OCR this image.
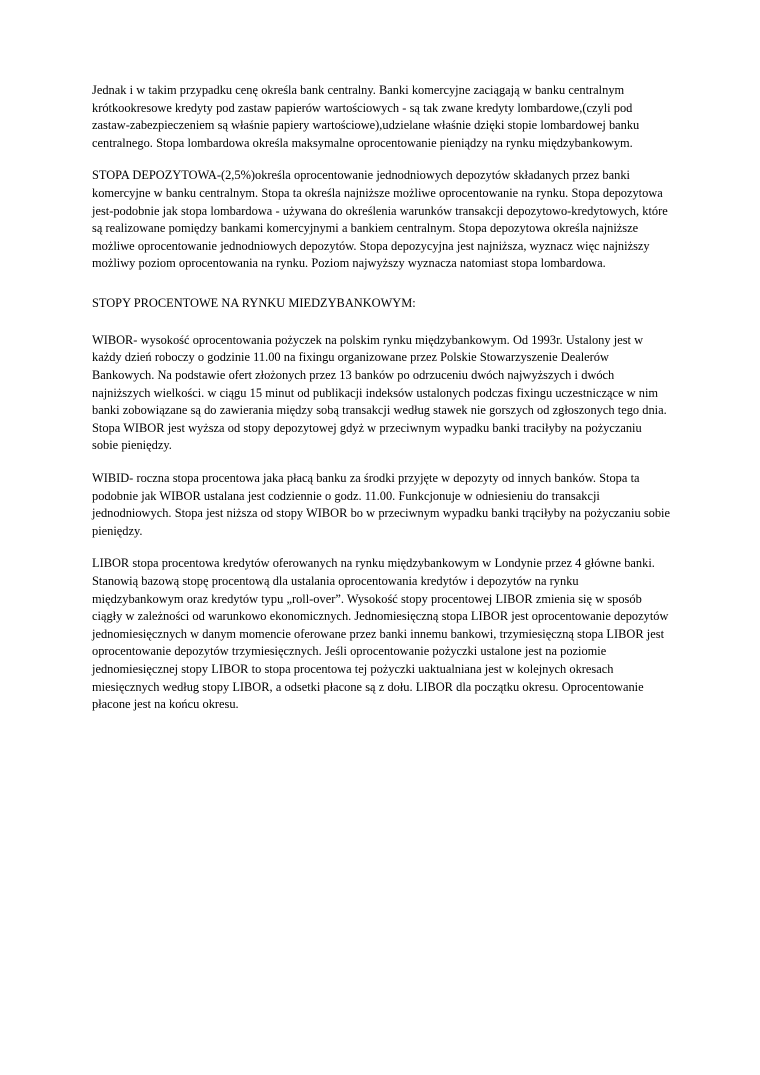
Jednak i w takim przypadku cenę określa bank centralny. Banki komercyjne zaciągają w banku centralnym krótkookresowe kredyty pod zastaw papierów wartościowych - są tak zwane kredyty lombardowe,(czyli pod zastaw-zabezpieczeniem są właśnie papiery wartościowe),udzielane właśnie dzięki stopie lombardowej banku centralnego. Stopa lombardowa określa maksymalne oprocentowanie pieniądzy na rynku międzybankowym.

STOPA DEPOZYTOWA-(2,5%)określa oprocentowanie jednodniowych depozytów składanych przez banki komercyjne w banku centralnym. Stopa ta określa najniższe możliwe oprocentowanie na rynku. Stopa depozytowa jest-podobnie jak stopa lombardowa - używana do określenia warunków transakcji depozytowo-kredytowych, które są realizowane pomiędzy bankami komercyjnymi a bankiem centralnym. Stopa depozytowa określa najniższe możliwe oprocentowanie jednodniowych depozytów. Stopa depozycyjna jest najniższa, wyznacz więc najniższy możliwy poziom oprocentowania na rynku. Poziom najwyższy wyznacza natomiast stopa lombardowa.

STOPY PROCENTOWE NA RYNKU MIEDZYBANKOWYM:

WIBOR- wysokość oprocentowania pożyczek na polskim rynku międzybankowym. Od 1993r. Ustalony jest w każdy dzień roboczy o godzinie 11.00 na fixingu organizowane przez Polskie Stowarzyszenie Dealerów Bankowych. Na podstawie ofert złożonych przez 13 banków po odrzuceniu dwóch najwyższych i dwóch najniższych wielkości. w ciągu 15 minut od publikacji indeksów ustalonych podczas fixingu uczestniczące w nim banki zobowiązane są do zawierania między sobą transakcji według stawek nie gorszych od zgłoszonych tego dnia. Stopa WIBOR jest wyższa od stopy depozytowej gdyż w przeciwnym wypadku banki traciłyby na pożyczaniu sobie pieniędzy.

WIBID- roczna stopa procentowa jaka płacą banku za środki przyjęte w depozyty od innych banków. Stopa ta podobnie jak WIBOR ustalana jest codziennie o godz. 11.00. Funkcjonuje w odniesieniu do transakcji jednodniowych. Stopa jest niższa od stopy WIBOR bo w przeciwnym wypadku banki trąciłyby na pożyczaniu sobie pieniędzy.

LIBOR stopa procentowa kredytów oferowanych na rynku międzybankowym w Londynie przez 4 główne banki. Stanowią bazową stopę procentową dla ustalania oprocentowania kredytów i depozytów na rynku międzybankowym oraz kredytów typu „roll-over”. Wysokość stopy procentowej LIBOR zmienia się w sposób ciągły w zależności od warunkowo ekonomicznych. Jednomiesięczną stopa LIBOR jest oprocentowanie depozytów jednomiesięcznych w danym momencie oferowane przez banki innemu bankowi, trzymiesięczną stopa LIBOR jest oprocentowanie depozytów trzymiesięcznych. Jeśli oprocentowanie pożyczki ustalone jest na poziomie jednomiesięcznej stopy LIBOR to stopa procentowa tej pożyczki uaktualniana jest w kolejnych okresach miesięcznych według stopy LIBOR, a odsetki płacone są z dołu. LIBOR dla początku okresu. Oprocentowanie płacone jest na końcu okresu.
